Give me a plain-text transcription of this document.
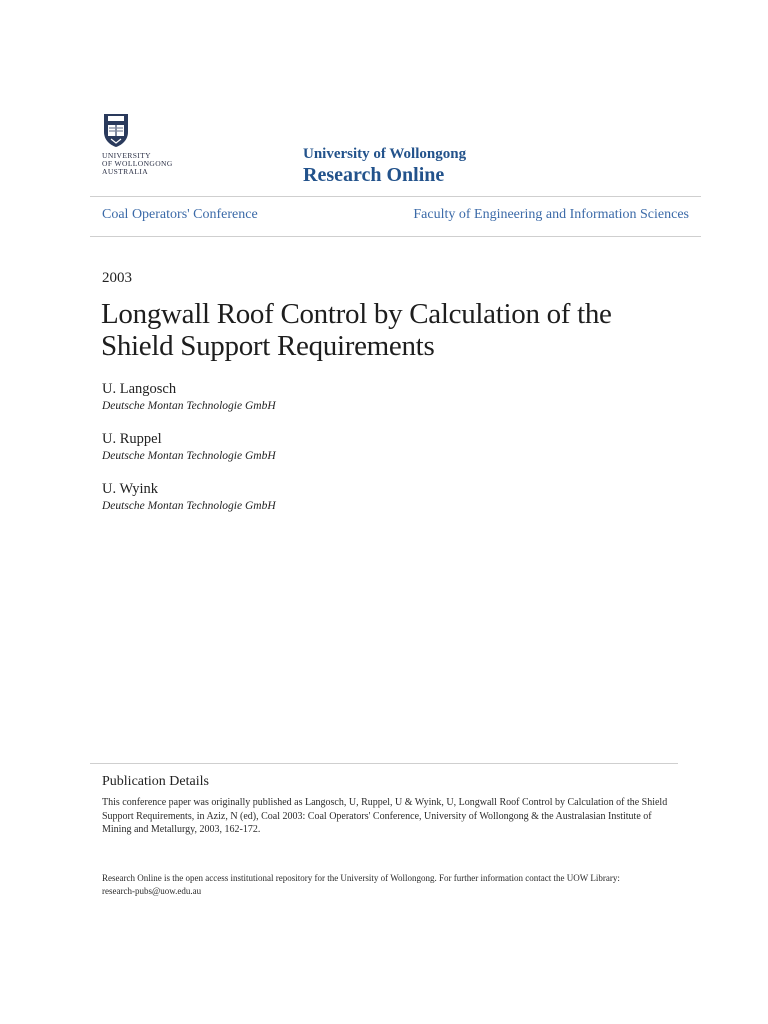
UNIVERSITY
OF WOLLONGONG
AUSTRALIA
University of Wollongong
Research Online
Coal Operators' Conference	Faculty of Engineering and Information Sciences
2003
Longwall Roof Control by Calculation of the Shield Support Requirements
U. Langosch
Deutsche Montan Technologie GmbH
U. Ruppel
Deutsche Montan Technologie GmbH
U. Wyink
Deutsche Montan Technologie GmbH
Publication Details

This conference paper was originally published as Langosch, U, Ruppel, U & Wyink, U, Longwall Roof Control by Calculation of the Shield Support Requirements, in Aziz, N (ed), Coal 2003: Coal Operators' Conference, University of Wollongong & the Australasian Institute of Mining and Metallurgy, 2003, 162-172.

Research Online is the open access institutional repository for the University of Wollongong. For further information contact the UOW Library:
research-pubs@uow.edu.au
